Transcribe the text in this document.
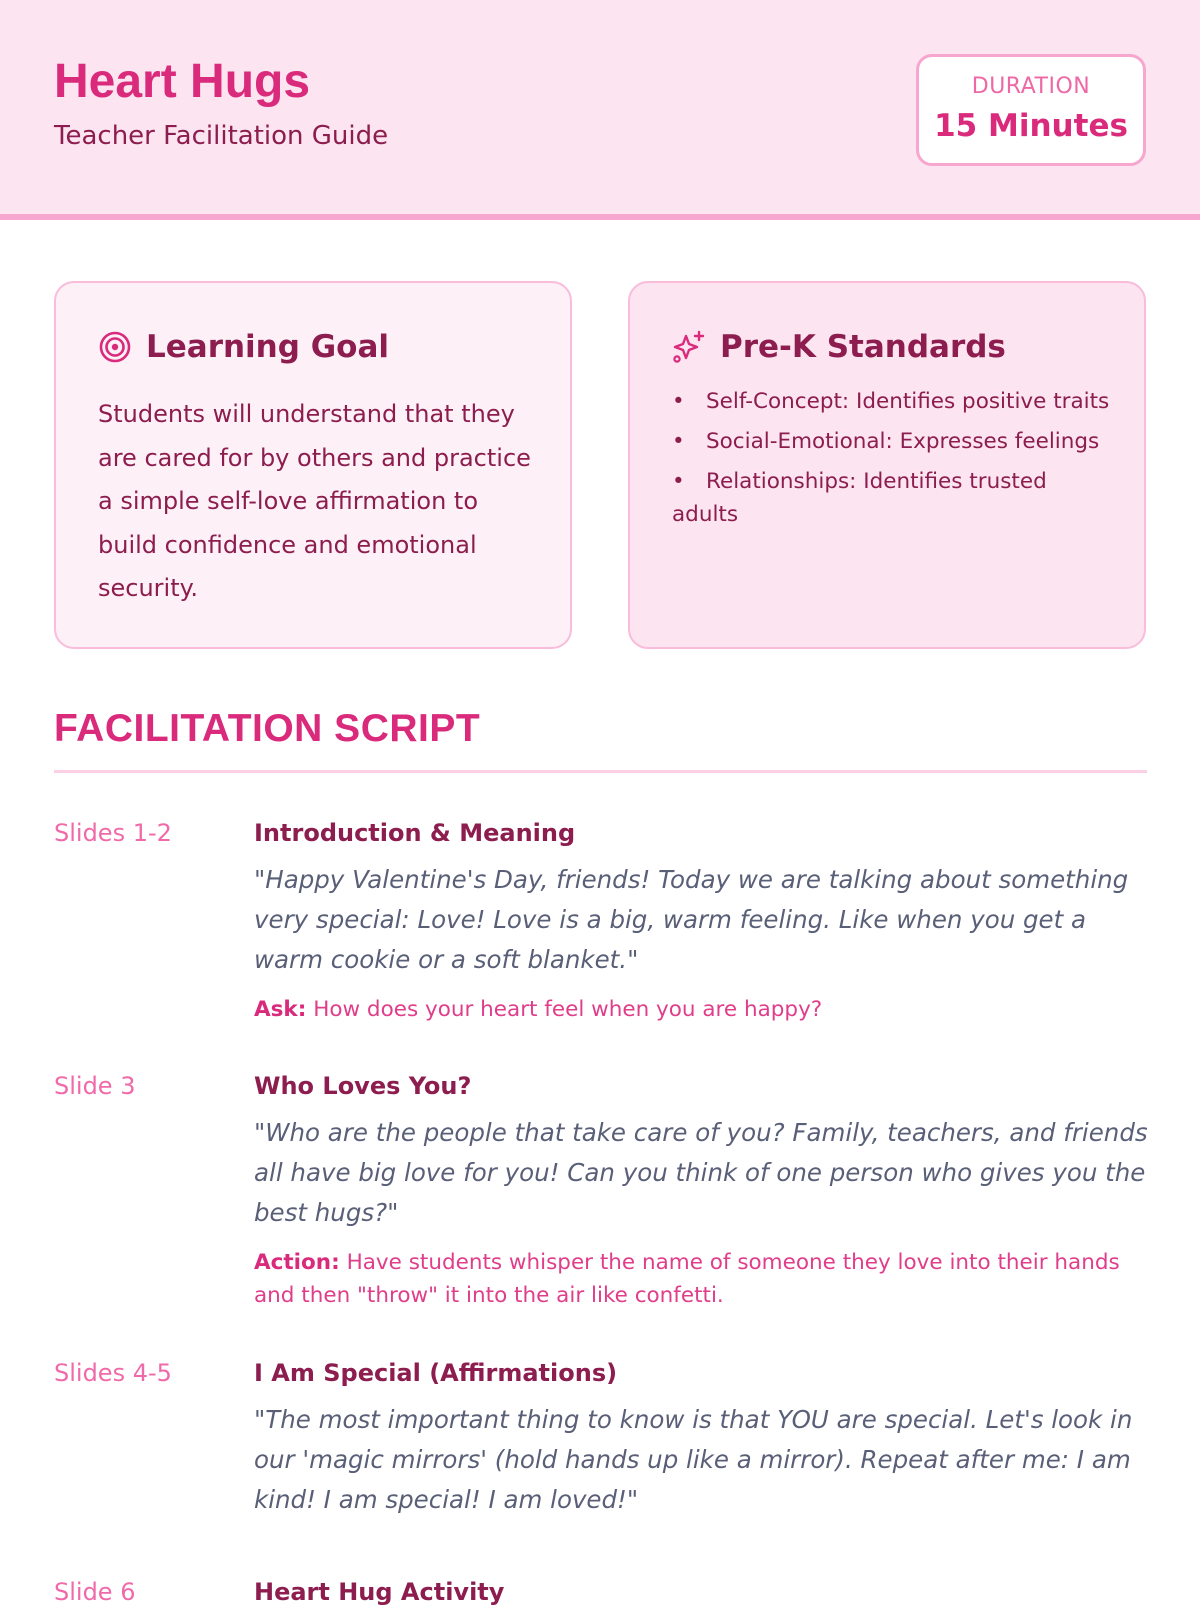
Heart Hugs
Teacher Facilitation Guide
DURATION
15 Minutes
Learning Goal

Students will understand that they are cared for by others and practice a simple self-love affirmation to build confidence and emotional security.

Pre-K Standards
• Self-Concept: Identifies positive traits
• Social-Emotional: Expresses feelings
• Relationships: Identifies trusted adults
FACILITATION SCRIPT
Slides 1-2	Introduction & Meaning

"Happy Valentine's Day, friends! Today we are talking about something very special: Love! Love is a big, warm feeling. Like when you get a warm cookie or a soft blanket."

Ask: How does your heart feel when you are happy?
Slide 3	Who Loves You?

"Who are the people that take care of you? Family, teachers, and friends all have big love for you! Can you think of one person who gives you the best hugs?"

Action: Have students whisper the name of someone they love into their hands and then "throw" it into the air like confetti.
Slides 4-5	I Am Special (Affirmations)

"The most important thing to know is that YOU are special. Let's look in our 'magic mirrors' (hold hands up like a mirror). Repeat after me: I am kind! I am special! I am loved!"

Slide 6	Heart Hug Activity
